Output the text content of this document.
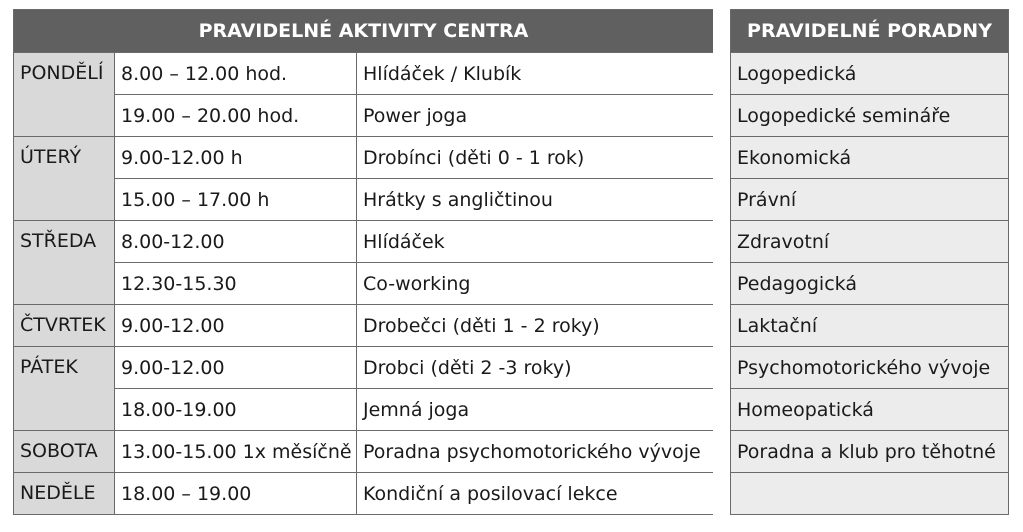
PRAVIDELNÉ AKTIVITY CENTRA		
PONDĚLÍ	8.00 – 12.00 hod.	Hlídáček / Klubík
	19.00 – 20.00 hod.	Power joga
ÚTERÝ	9.00-12.00 h	Drobínci (děti 0 - 1 rok)
	15.00 – 17.00 h	Hrátky s angličtinou
STŘEDA	8.00-12.00	Hlídáček
	12.30-15.30	Co-working
ČTVRTEK	9.00-12.00	Drobečci (děti 1 - 2 roky)
PÁTEK	9.00-12.00	Drobci (děti 2 -3 roky)
	18.00-19.00	Jemná joga
SOBOTA	13.00-15.00 1x měsíčně	Poradna psychomotorického vývoje
NEDĚLE	18.00 – 19.00	Kondiční a posilovací lekce
PRAVIDELNÉ PORADNY
Logopedická
Logopedické semináře
Ekonomická
Právní
Zdravotní
Pedagogická
Laktační
Psychomotorického vývoje
Homeopatická
Poradna a klub pro těhotné
